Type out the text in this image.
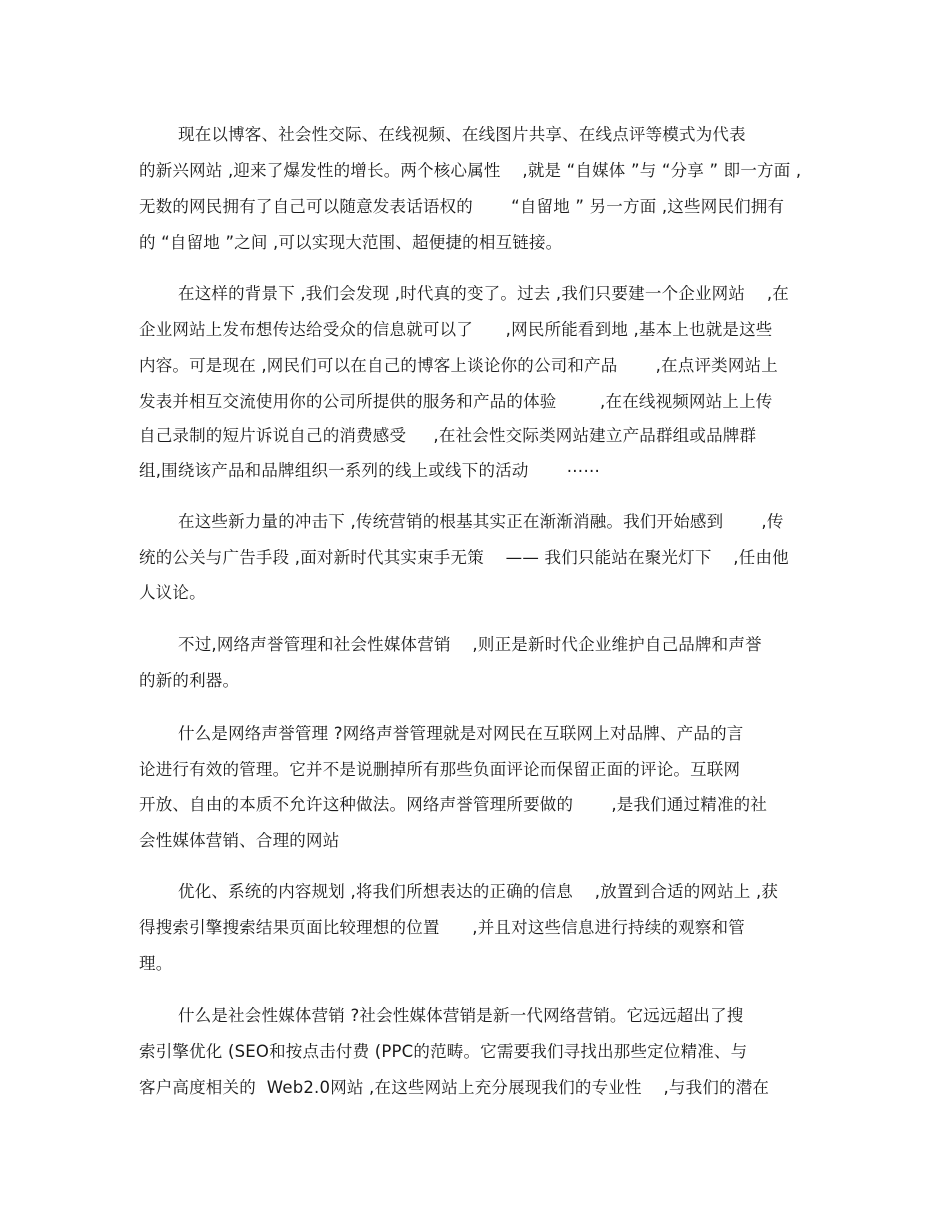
现在以博客、社会性交际、在线视频、在线图片共享、在线点评等模式为代表
的新兴网站 ,迎来了爆发性的增长。两个核心属性    ,就是 “自媒体 ”与 “分享 ” 即一方面 ,
无数的网民拥有了自己可以随意发表话语权的       “自留地 ” 另一方面 ,这些网民们拥有
的 “自留地 ”之间 ,可以实现大范围、超便捷的相互链接。
在这样的背景下 ,我们会发现 ,时代真的变了。过去 ,我们只要建一个企业网站    ,在
企业网站上发布想传达给受众的信息就可以了      ,网民所能看到地 ,基本上也就是这些
内容。可是现在 ,网民们可以在自己的博客上谈论你的公司和产品       ,在点评类网站上
发表并相互交流使用你的公司所提供的服务和产品的体验        ,在在线视频网站上上传
自己录制的短片诉说自己的消费感受     ,在社会性交际类网站建立产品群组或品牌群
组,围绕该产品和品牌组织一系列的线上或线下的活动       ⋯⋯
在这些新力量的冲击下 ,传统营销的根基其实正在渐渐消融。我们开始感到       ,传
统的公关与广告手段 ,面对新时代其实束手无策    —— 我们只能站在聚光灯下    ,任由他
人议论。
不过,网络声誉管理和社会性媒体营销    ,则正是新时代企业维护自己品牌和声誉
的新的利器。
什么是网络声誉管理 ?网络声誉管理就是对网民在互联网上对品牌、产品的言
论进行有效的管理。它并不是说删掉所有那些负面评论而保留正面的评论。互联网
开放、自由的本质不允许这种做法。网络声誉管理所要做的       ,是我们通过精准的社
会性媒体营销、合理的网站
优化、系统的内容规划 ,将我们所想表达的正确的信息    ,放置到合适的网站上 ,获
得搜索引擎搜索结果页面比较理想的位置      ,并且对这些信息进行持续的观察和管
理。
什么是社会性媒体营销 ?社会性媒体营销是新一代网络营销。它远远超出了搜
索引擎优化 (SEO和按点击付费 (PPC的范畴。它需要我们寻找出那些定位精准、与
客户高度相关的  Web2.0网站 ,在这些网站上充分展现我们的专业性    ,与我们的潜在
